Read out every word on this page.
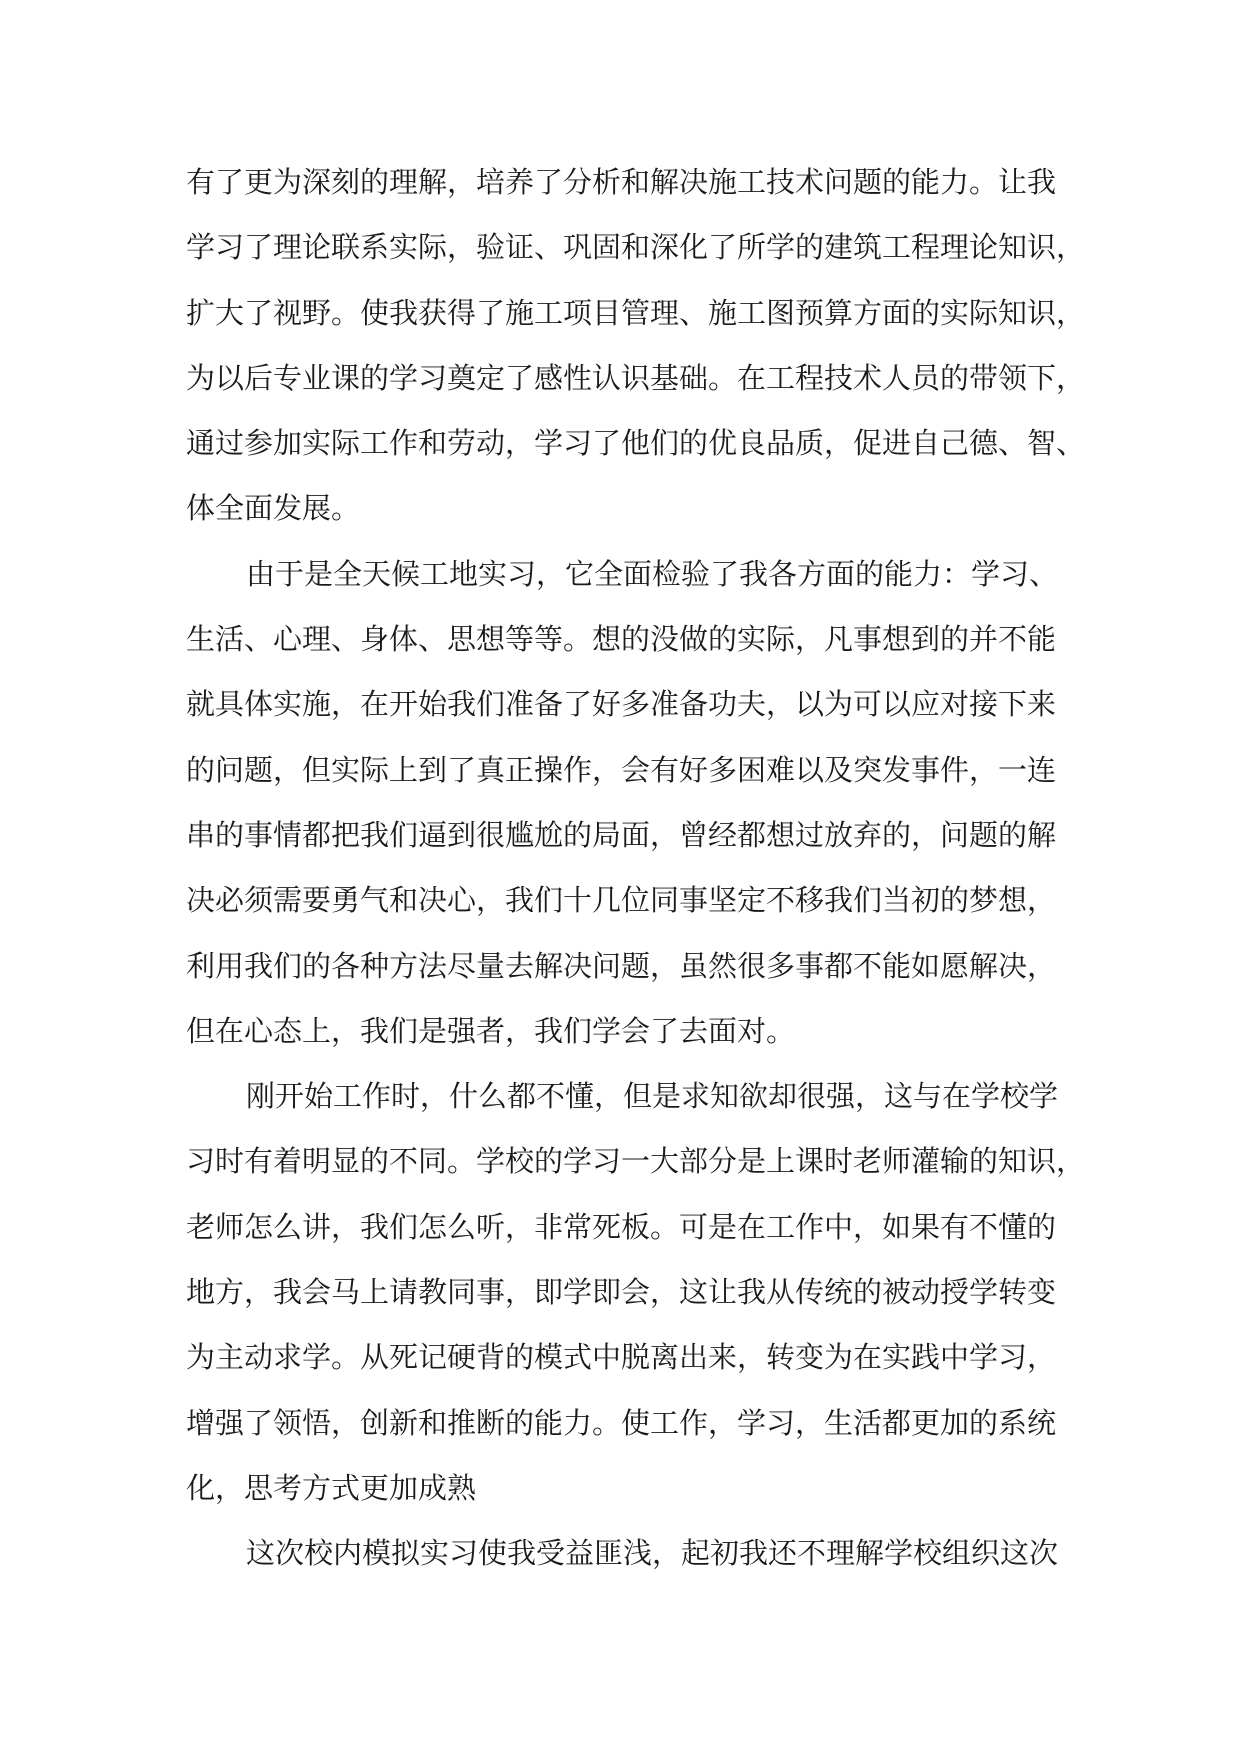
有了更为深刻的理解，培养了分析和解决施工技术问题的能力。让我
学习了理论联系实际，验证、巩固和深化了所学的建筑工程理论知识，
扩大了视野。使我获得了施工项目管理、施工图预算方面的实际知识，
为以后专业课的学习奠定了感性认识基础。在工程技术人员的带领下，
通过参加实际工作和劳动，学习了他们的优良品质，促进自己德、智、
体全面发展。
由于是全天候工地实习，它全面检验了我各方面的能力：学习、
生活、心理、身体、思想等等。想的没做的实际，凡事想到的并不能
就具体实施，在开始我们准备了好多准备功夫，以为可以应对接下来
的问题，但实际上到了真正操作，会有好多困难以及突发事件，一连
串的事情都把我们逼到很尴尬的局面，曾经都想过放弃的，问题的解
决必须需要勇气和决心，我们十几位同事坚定不移我们当初的梦想，
利用我们的各种方法尽量去解决问题，虽然很多事都不能如愿解决，
但在心态上，我们是强者，我们学会了去面对。
刚开始工作时，什么都不懂，但是求知欲却很强，这与在学校学
习时有着明显的不同。学校的学习一大部分是上课时老师灌输的知识，
老师怎么讲，我们怎么听，非常死板。可是在工作中，如果有不懂的
地方，我会马上请教同事，即学即会，这让我从传统的被动授学转变
为主动求学。从死记硬背的模式中脱离出来，转变为在实践中学习，
增强了领悟，创新和推断的能力。使工作，学习，生活都更加的系统
化，思考方式更加成熟
这次校内模拟实习使我受益匪浅，起初我还不理解学校组织这次
